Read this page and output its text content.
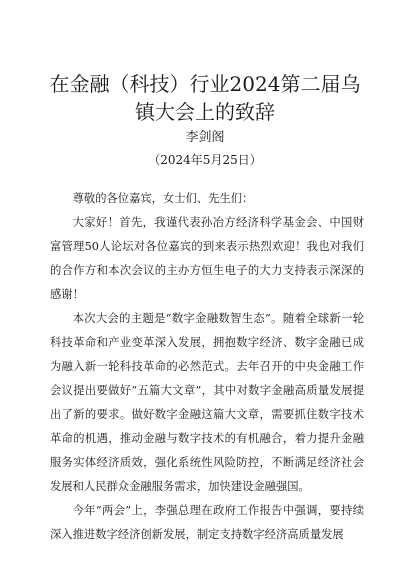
在金融（科技）行业2024第二届乌镇大会上的致辞
李剑阁
（2024年5月25日）

尊敬的各位嘉宾，女士们、先生们：

大家好！首先，我谨代表孙冶方经济科学基金会、中国财富管理50人论坛对各位嘉宾的到来表示热烈欢迎！我也对我们的合作方和本次会议的主办方恒生电子的大力支持表示深深的感谢！

本次大会的主题是“数字金融数智生态”。随着全球新一轮科技革命和产业变革深入发展，拥抱数字经济、数字金融已成为融入新一轮科技革命的必然范式。去年召开的中央金融工作会议提出要做好“五篇大文章”，其中对数字金融高质量发展提出了新的要求。做好数字金融这篇大文章，需要抓住数字技术革命的机遇，推动金融与数字技术的有机融合，着力提升金融服务实体经济质效，强化系统性风险防控，不断满足经济社会发展和人民群众金融服务需求，加快建设金融强国。

今年“两会”上，李强总理在政府工作报告中强调，要持续深入推进数字经济创新发展，制定支持数字经济高质量发展
